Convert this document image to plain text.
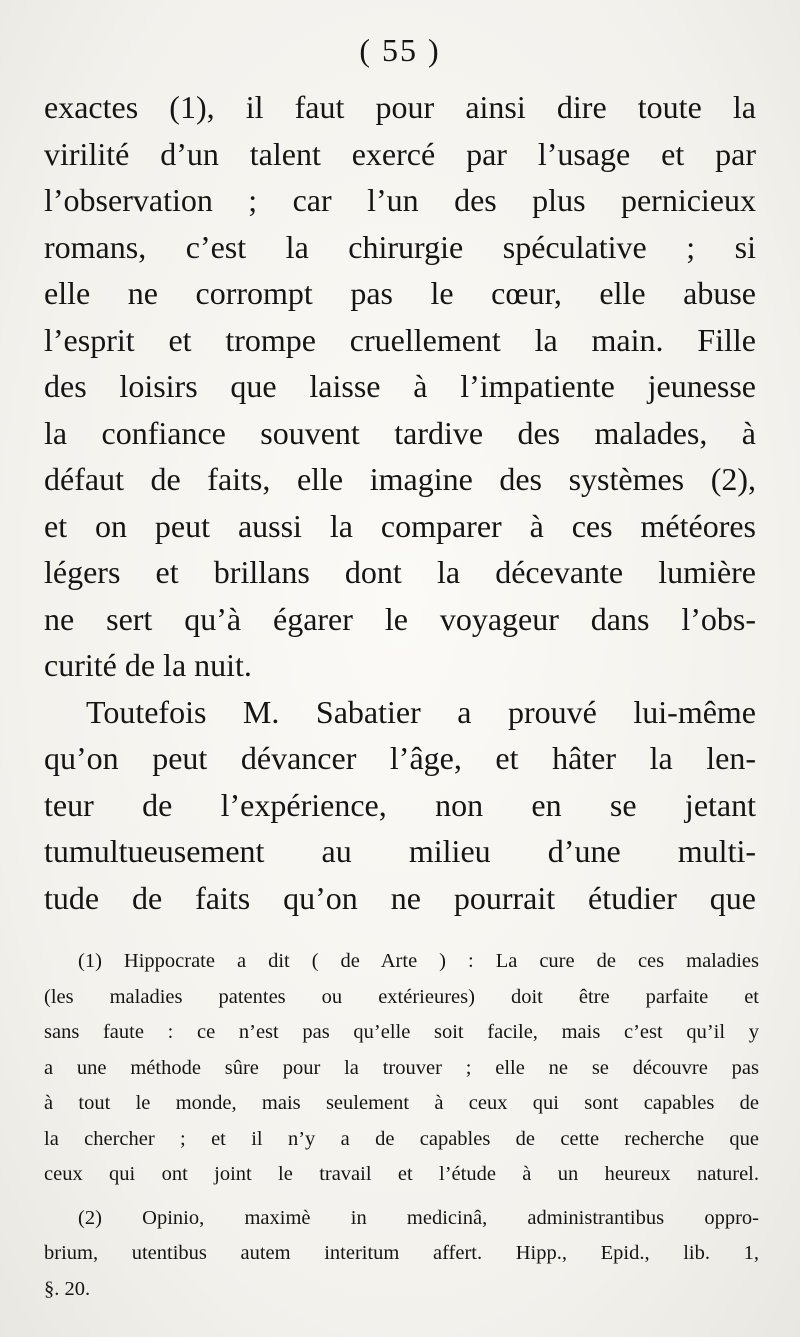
( 55 )
exactes (1), il faut pour ainsi dire toute la
virilité d’un talent exercé par l’usage et par
l’observation ; car l’un des plus pernicieux
romans, c’est la chirurgie spéculative ; si
elle ne corrompt pas le cœur, elle abuse
l’esprit et trompe cruellement la main. Fille
des loisirs que laisse à l’impatiente jeunesse
la confiance souvent tardive des malades, à
défaut de faits, elle imagine des systèmes (2),
et on peut aussi la comparer à ces météores
légers et brillans dont la décevante lumière
ne sert qu’à égarer le voyageur dans l’obs-
curité de la nuit.
Toutefois M. Sabatier a prouvé lui-même
qu’on peut dévancer l’âge, et hâter la len-
teur de l’expérience, non en se jetant
tumultueusement au milieu d’une multi-
tude de faits qu’on ne pourrait étudier que
(1) Hippocrate a dit ( de Arte ) : La cure de ces maladies
(les maladies patentes ou extérieures) doit être parfaite et
sans faute : ce n’est pas qu’elle soit facile, mais c’est qu’il y
a une méthode sûre pour la trouver ; elle ne se découvre pas
à tout le monde, mais seulement à ceux qui sont capables de
la chercher ; et il n’y a de capables de cette recherche que
ceux qui ont joint le travail et l’étude à un heureux naturel.
(2) Opinio, maximè in medicinâ, administrantibus oppro-
brium, utentibus autem interitum affert. Hipp., Epid., lib. 1,
§. 20.
